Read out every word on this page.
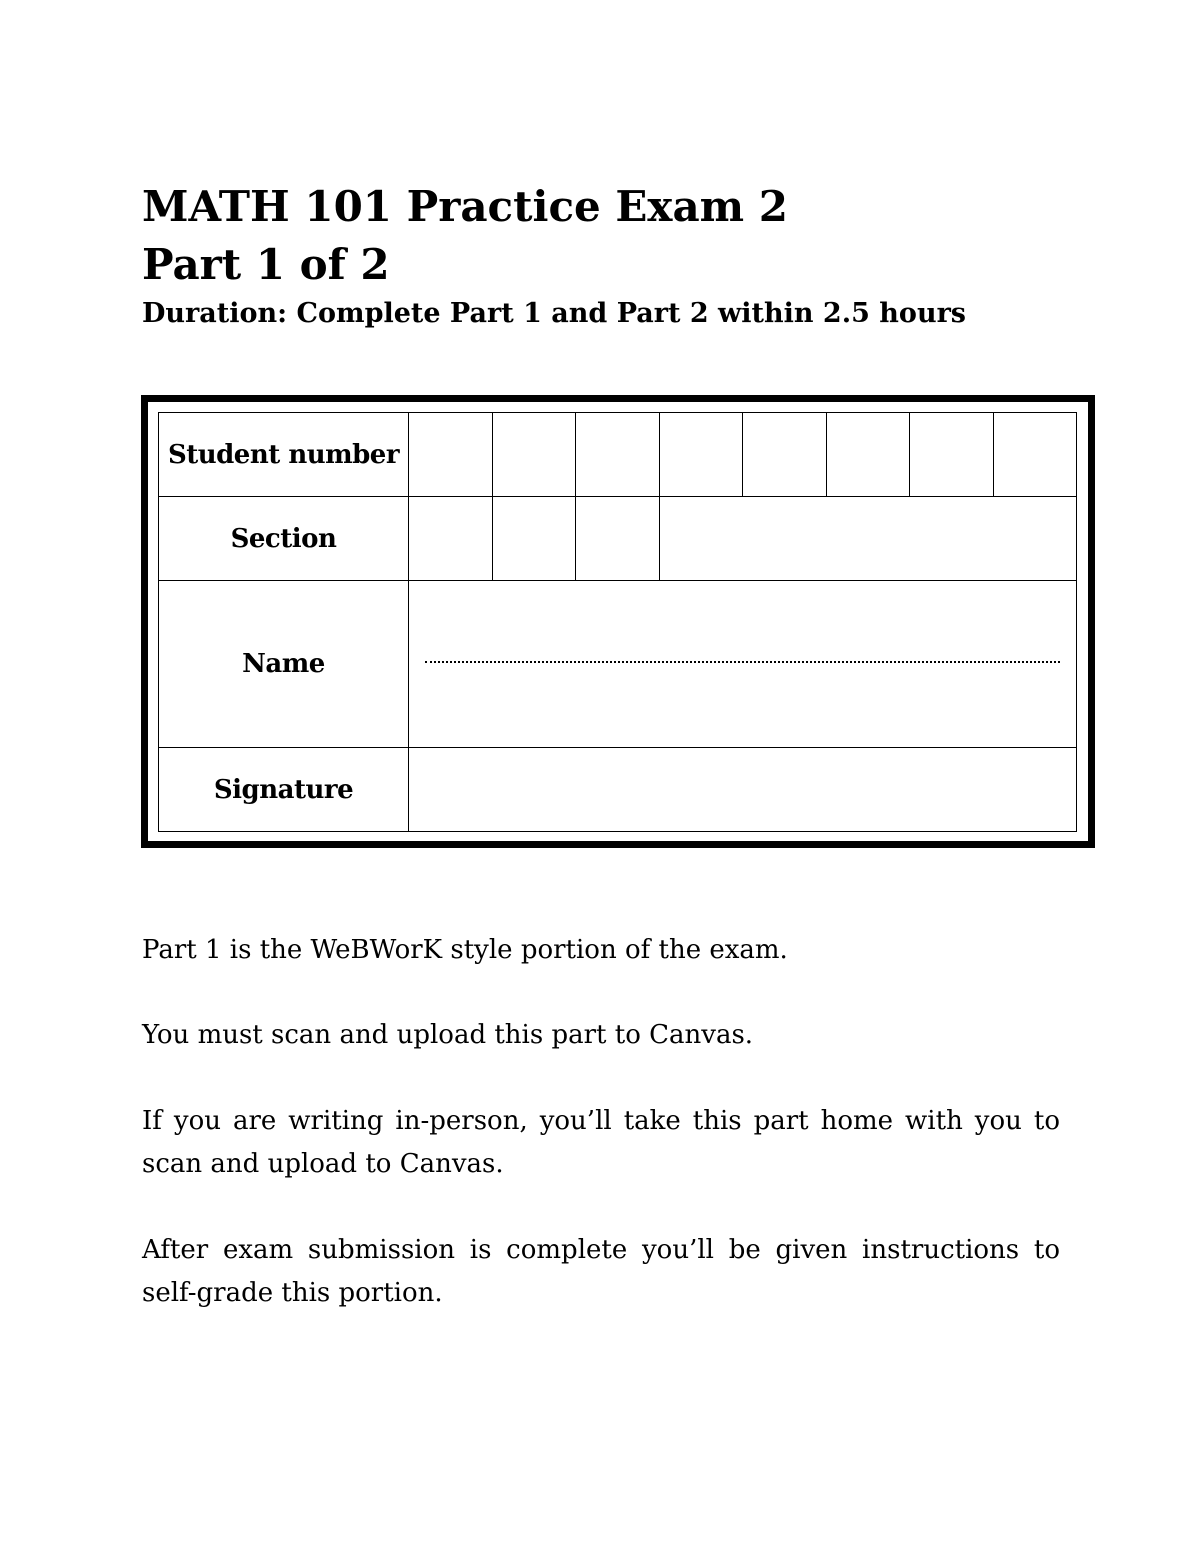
MATH 101 Practice Exam 2
Part 1 of 2
Duration: Complete Part 1 and Part 2 within 2.5 hours
Student number								
Section								
Name								

Signature								

Part 1 is the WeBWorK style portion of the exam.

You must scan and upload this part to Canvas.

If you are writing in-person, you’ll take this part home with you to scan and upload to Canvas.

After exam submission is complete you’ll be given instructions to self-grade this portion.
